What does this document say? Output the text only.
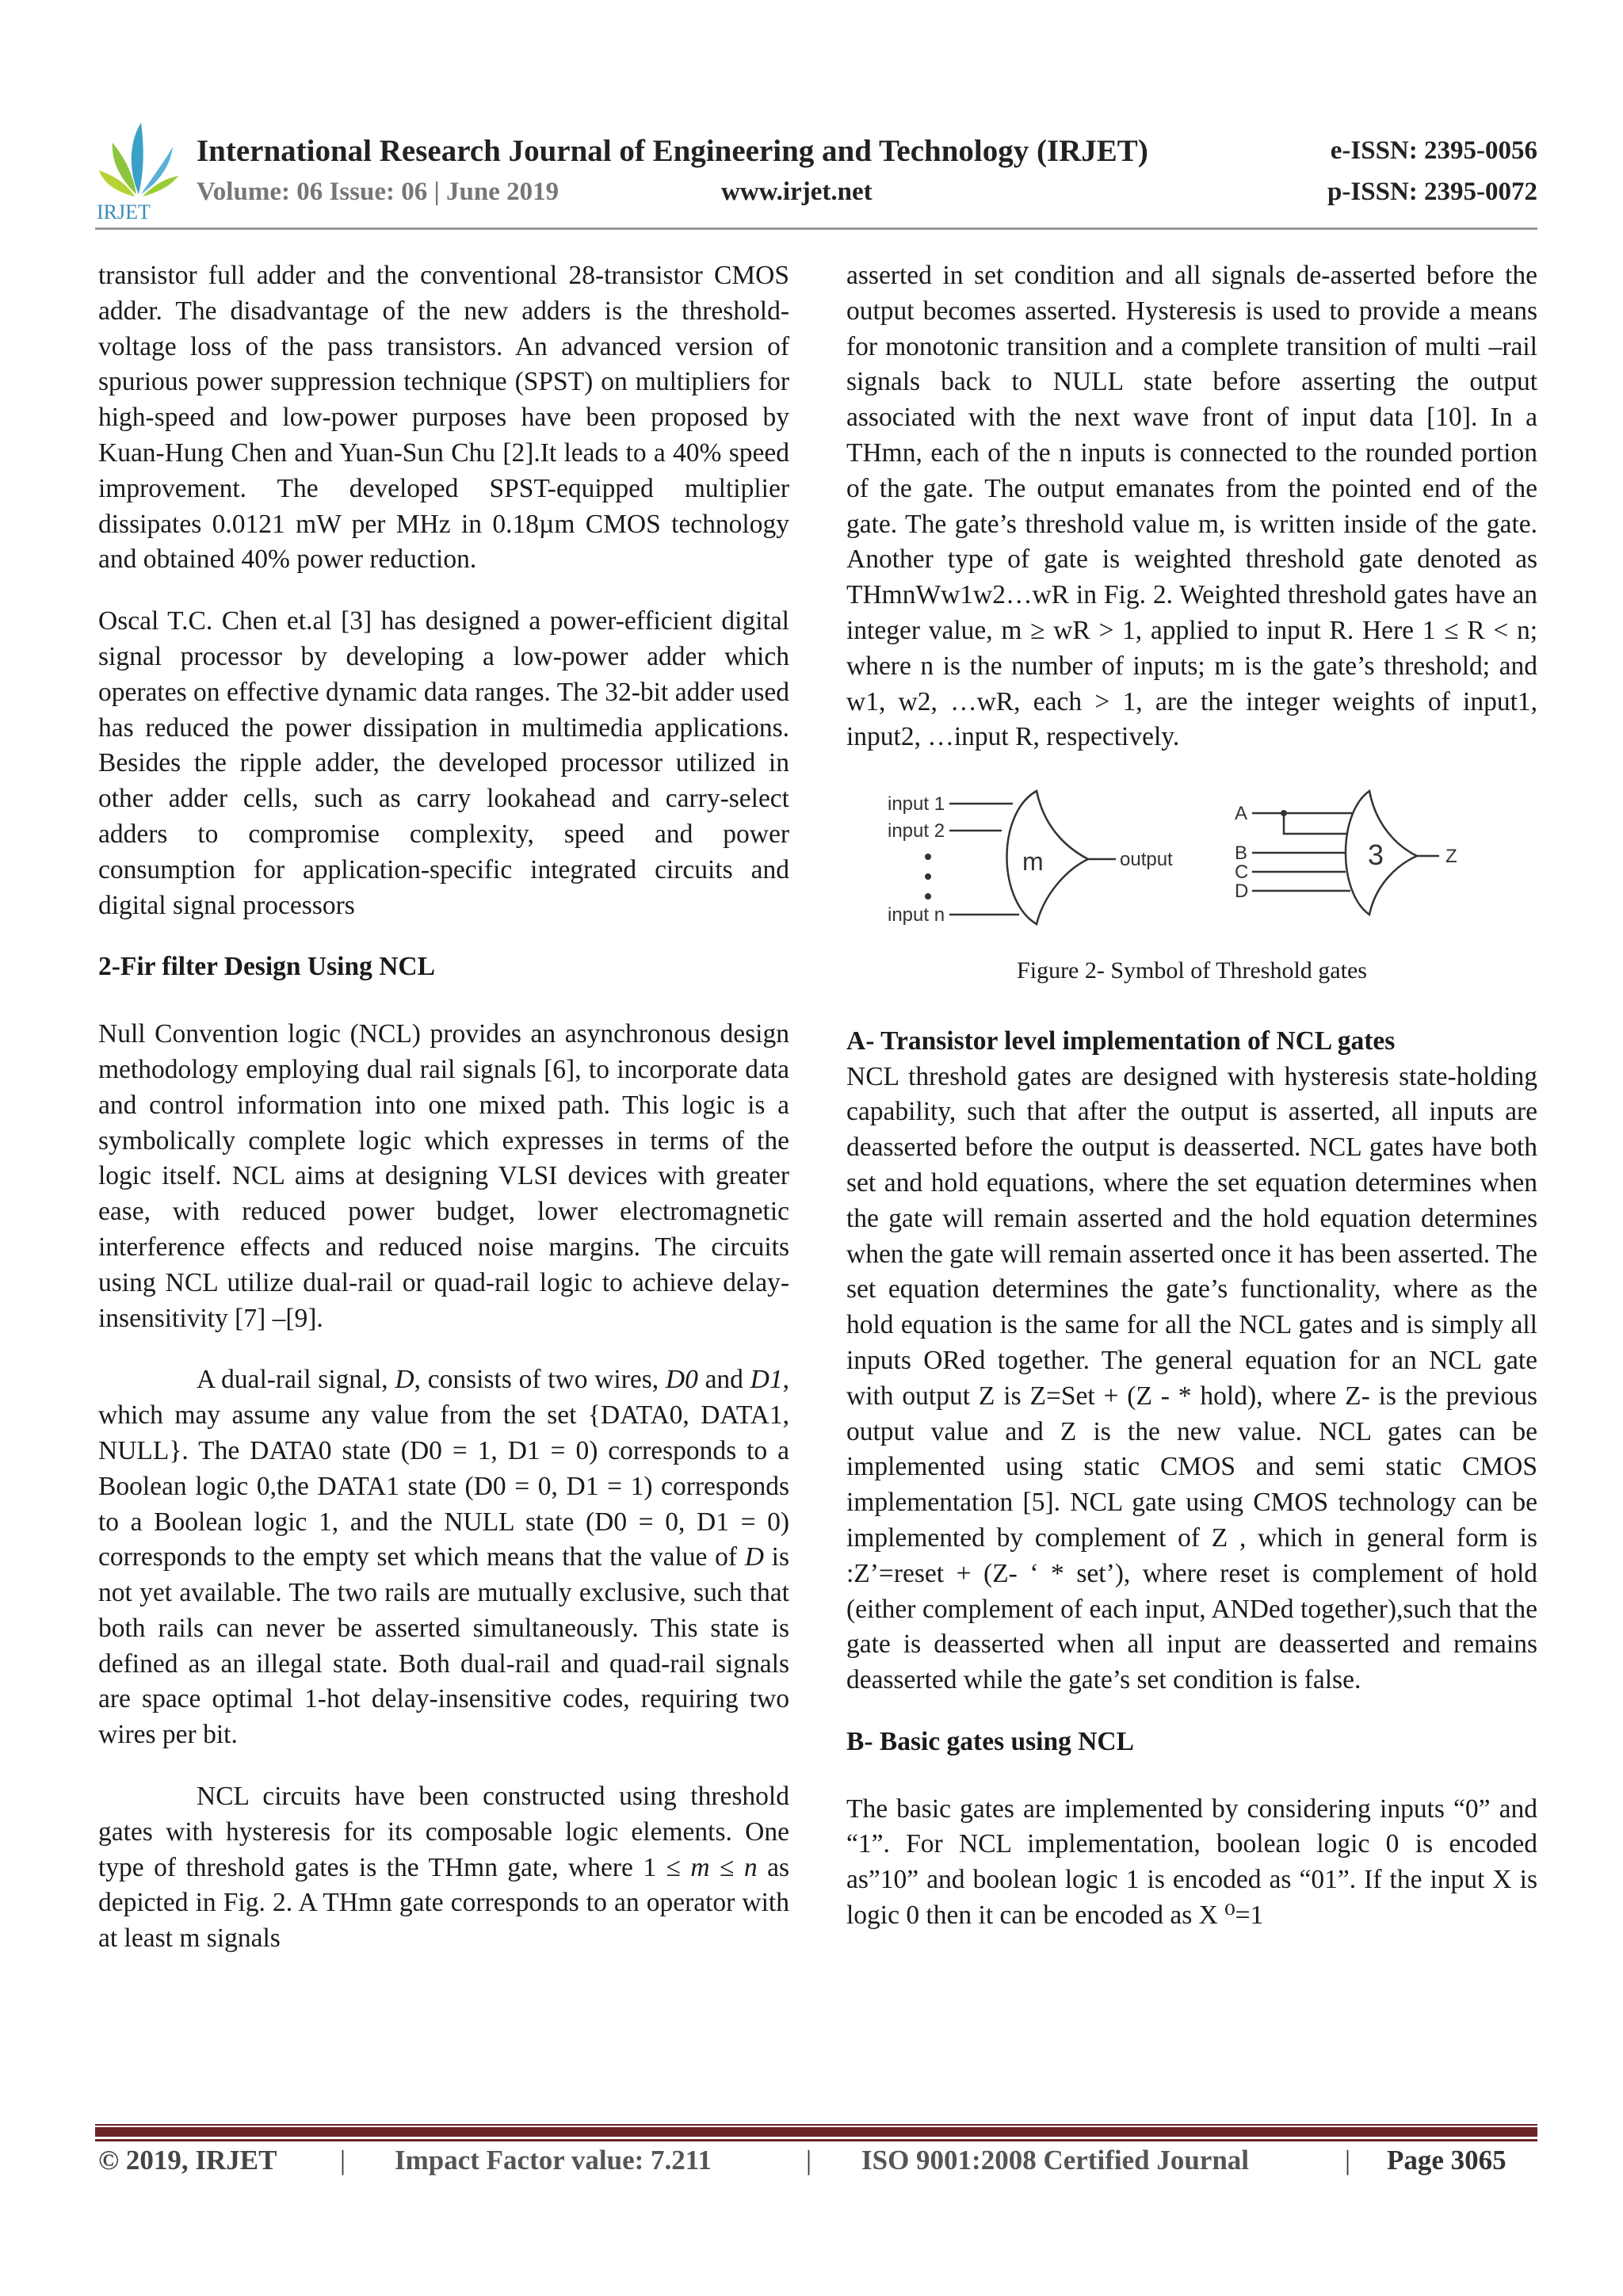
IRJET
International Research Journal of Engineering and Technology (IRJET)
Volume: 06 Issue: 06 | June 2019	www.irjet.net
e-ISSN: 2395-0056
p-ISSN: 2395-0072

transistor full adder and the conventional 28-transistor CMOS adder. The disadvantage of the new adders is the threshold-voltage loss of the pass transistors. An advanced version of spurious power suppression technique (SPST) on multipliers for high-speed and low-power purposes have been proposed by Kuan-Hung Chen and Yuan-Sun Chu [2].It leads to a 40% speed improvement. The developed SPST-equipped multiplier dissipates 0.0121 mW per MHz in 0.18µm CMOS technology and obtained 40% power reduction.

Oscal T.C. Chen et.al [3] has designed a power-efficient digital signal processor by developing a low-power adder which operates on effective dynamic data ranges. The 32-bit adder used has reduced the power dissipation in multimedia applications. Besides the ripple adder, the developed processor utilized in other adder cells, such as carry lookahead and carry-select adders to compromise complexity, speed and power consumption for application-specific integrated circuits and digital signal processors

2-Fir filter Design Using NCL

Null Convention logic (NCL) provides an asynchronous design methodology employing dual rail signals [6], to incorporate data and control information into one mixed path. This logic is a symbolically complete logic which expresses in terms of the logic itself. NCL aims at designing VLSI devices with greater ease, with reduced power budget, lower electromagnetic interference effects and reduced noise margins. The circuits using NCL utilize dual-rail or quad-rail logic to achieve delay-insensitivity [7] –[9].

A dual-rail signal, D, consists of two wires, D0 and D1, which may assume any value from the set {DATA0, DATA1, NULL}. The DATA0 state (D0 = 1, D1 = 0) corresponds to a Boolean logic 0,the DATA1 state (D0 = 0, D1 = 1) corresponds to a Boolean logic 1, and the NULL state (D0 = 0, D1 = 0) corresponds to the empty set which means that the value of D is not yet available. The two rails are mutually exclusive, such that both rails can never be asserted simultaneously. This state is defined as an illegal state. Both dual-rail and quad-rail signals are space optimal 1-hot delay-insensitive codes, requiring two wires per bit.

NCL circuits have been constructed using threshold gates with hysteresis for its composable logic elements. One type of threshold gates is the THmn gate, where 1 ≤ m ≤ n as depicted in Fig. 2. A THmn gate corresponds to an operator with at least m signals

asserted in set condition and all signals de-asserted before the output becomes asserted. Hysteresis is used to provide a means for monotonic transition and a complete transition of multi –rail signals back to NULL state before asserting the output associated with the next wave front of input data [10]. In a THmn, each of the n inputs is connected to the rounded portion of the gate. The output emanates from the pointed end of the gate. The gate’s threshold value m, is written inside of the gate. Another type of gate is weighted threshold gate denoted as THmnWw1w2…wR in Fig. 2. Weighted threshold gates have an integer value, m ≥ wR > 1, applied to input R. Here 1 ≤ R < n; where n is the number of inputs; m is the gate’s threshold; and w1, w2, …wR, each > 1, are the integer weights of input1, input2, …input R, respectively.

input 1
input 2
input n
m	output
A
B
C
D
3	Z
Figure 2- Symbol of Threshold gates
A- Transistor level implementation of NCL gates

NCL threshold gates are designed with hysteresis state-holding capability, such that after the output is asserted, all inputs are deasserted before the output is deasserted. NCL gates have both set and hold equations, where the set equation determines when the gate will remain asserted and the hold equation determines when the gate will remain asserted once it has been asserted. The set equation determines the gate’s functionality, where as the hold equation is the same for all the NCL gates and is simply all inputs ORed together. The general equation for an NCL gate with output Z is Z=Set + (Z - * hold), where Z- is the previous output value and Z is the new value. NCL gates can be implemented using static CMOS and semi static CMOS implementation [5]. NCL gate using CMOS technology can be implemented by complement of Z , which in general form is :Z’=reset + (Z- ‘ * set’), where reset is complement of hold (either complement of each input, ANDed together),such that the gate is deasserted when all input are deasserted and remains deasserted while the gate’s set condition is false.

B- Basic gates using NCL

The basic gates are implemented by considering inputs “0” and “1”. For NCL implementation, boolean logic 0 is encoded as”10” and boolean logic 1 is encoded as “01”. If the input X is logic 0 then it can be encoded as X ⁰=1

© 2019, IRJET | Impact Factor value: 7.211	| ISO 9001:2008 Certified Journal	| Page 3065
